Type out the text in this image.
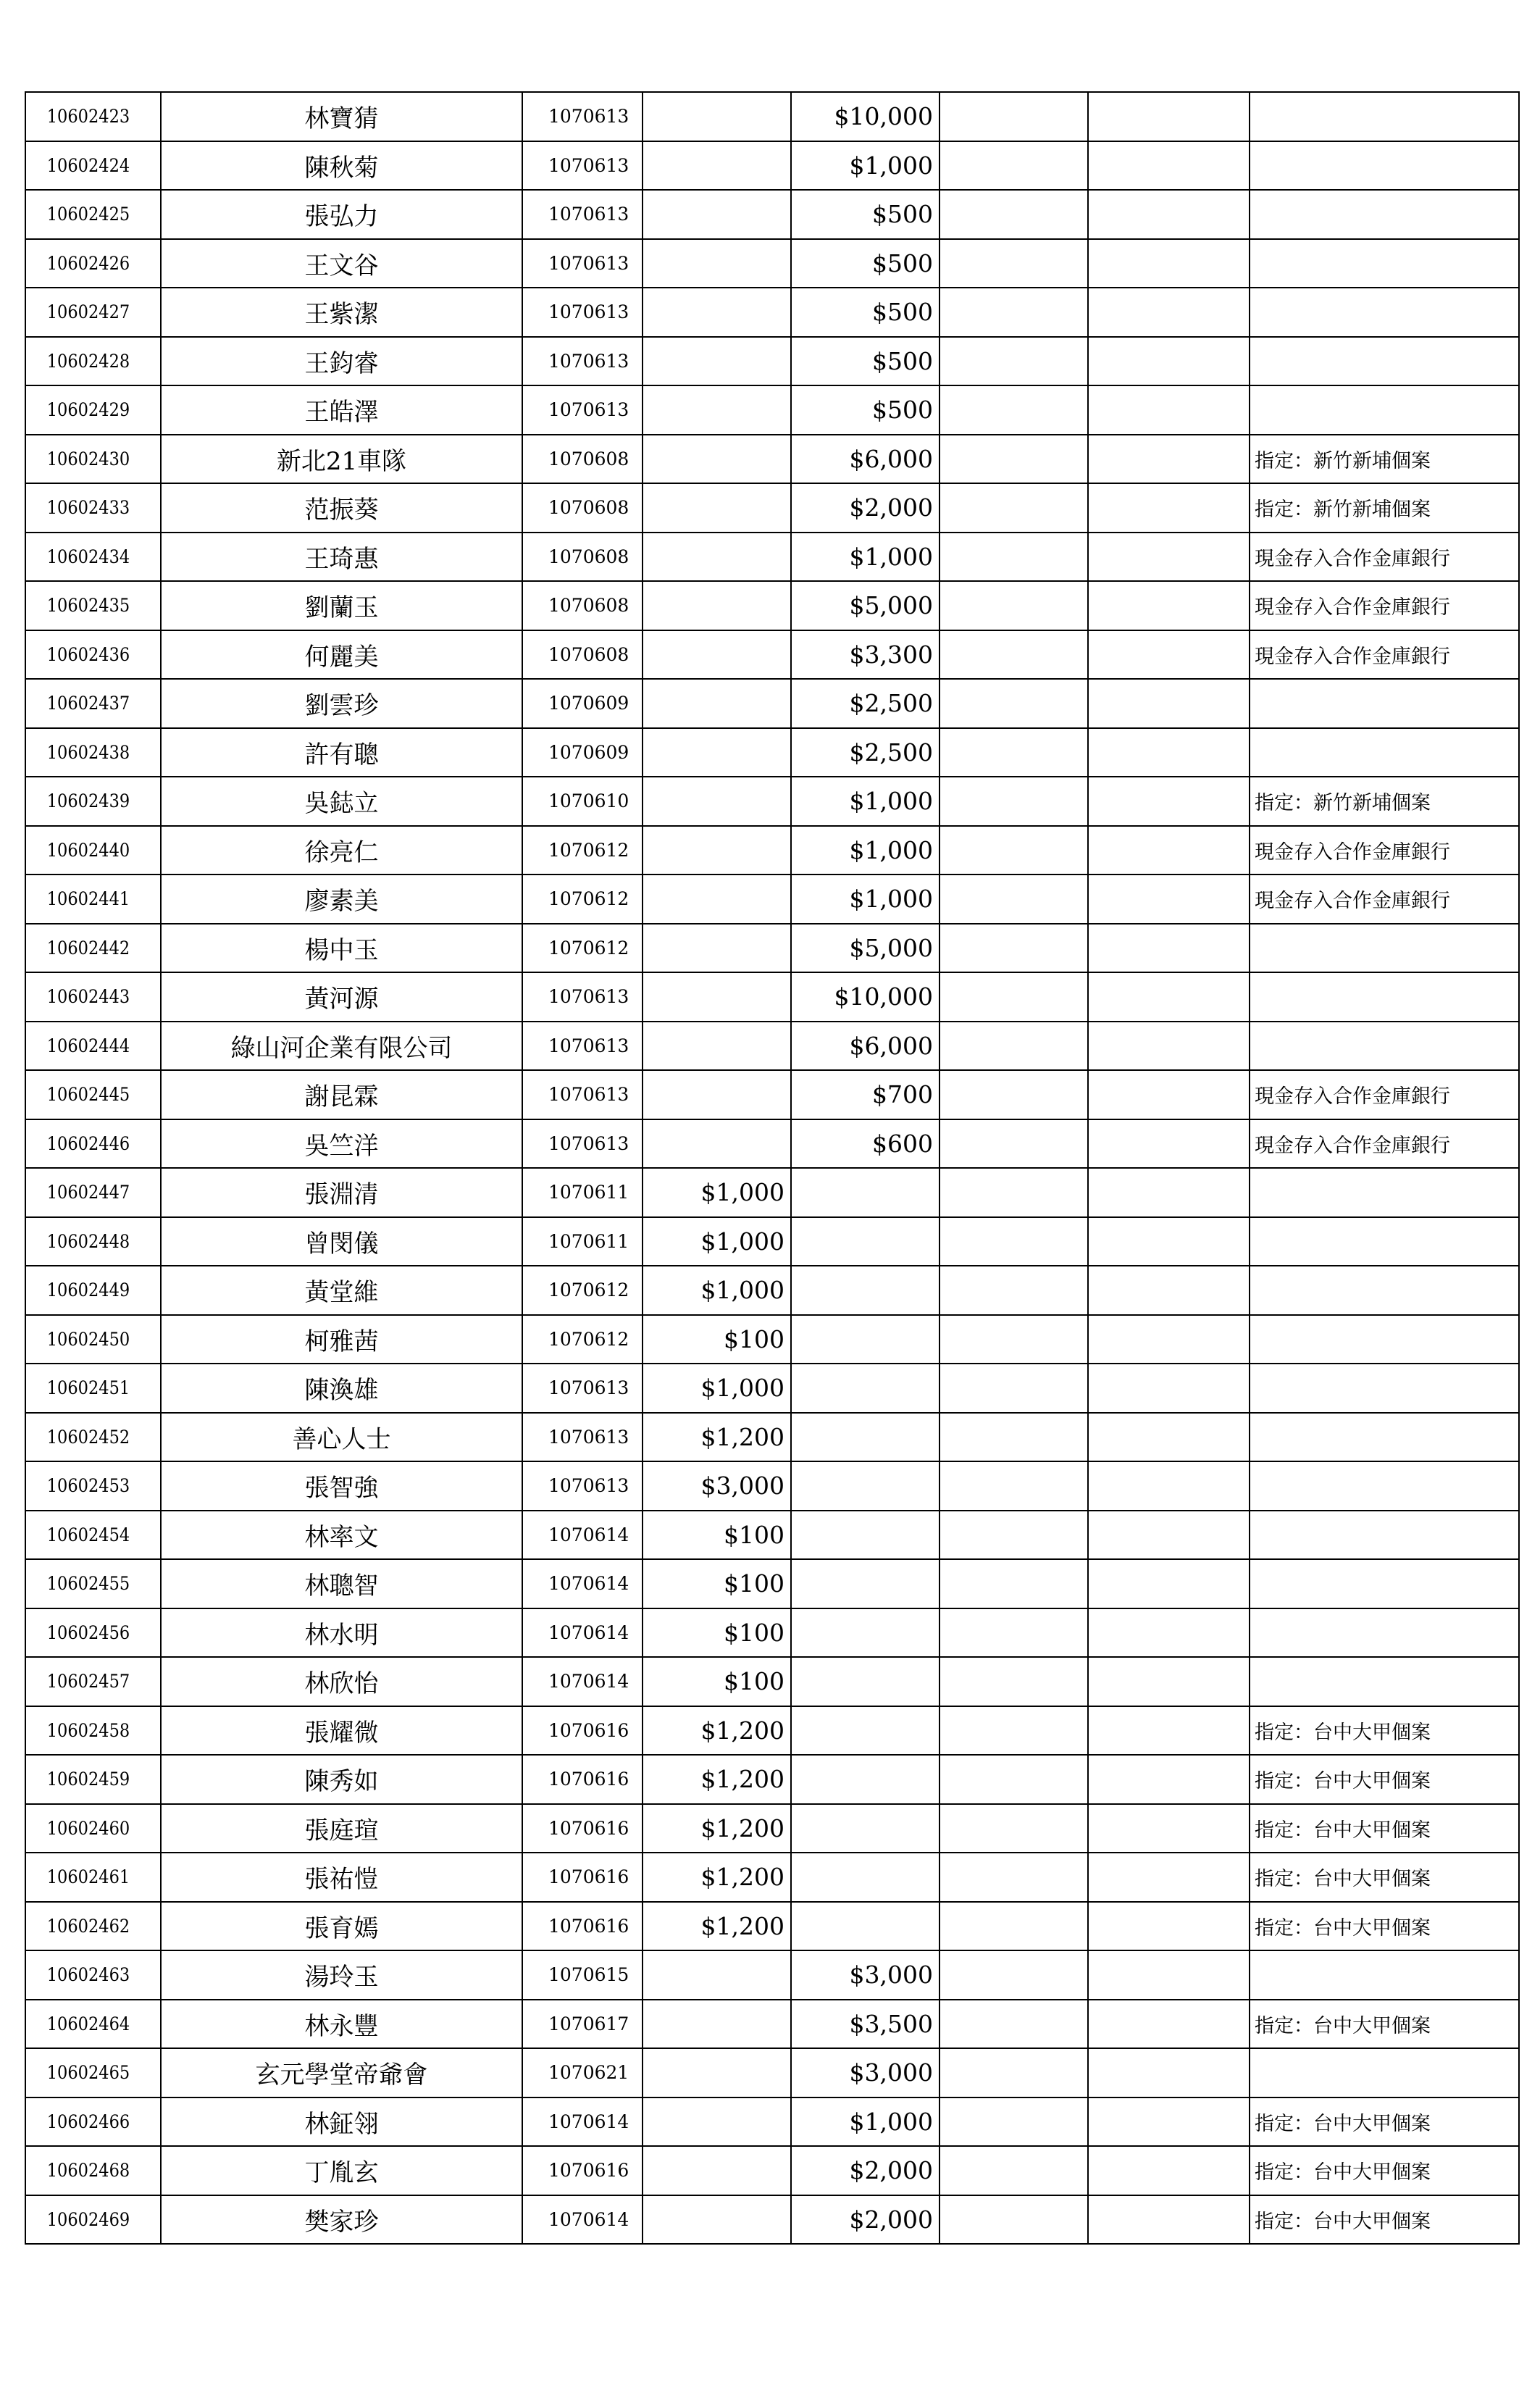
10602423	林寶猜	1070613		$10,000			
10602424	陳秋菊	1070613		$1,000			
10602425	張弘力	1070613		$500			
10602426	王文谷	1070613		$500			
10602427	王紫潔	1070613		$500			
10602428	王鈞睿	1070613		$500			
10602429	王皓澤	1070613		$500			
10602430	新北21車隊	1070608		$6,000			指定：新竹新埔個案
10602433	范振葵	1070608		$2,000			指定：新竹新埔個案
10602434	王琦惠	1070608		$1,000			現金存入合作金庫銀行
10602435	劉蘭玉	1070608		$5,000			現金存入合作金庫銀行
10602436	何麗美	1070608		$3,300			現金存入合作金庫銀行
10602437	劉雲珍	1070609		$2,500			
10602438	許有聰	1070609		$2,500			
10602439	吳鋕立	1070610		$1,000			指定：新竹新埔個案
10602440	徐亮仁	1070612		$1,000			現金存入合作金庫銀行
10602441	廖素美	1070612		$1,000			現金存入合作金庫銀行
10602442	楊中玉	1070612		$5,000			
10602443	黃河源	1070613		$10,000			
10602444	綠山河企業有限公司	1070613		$6,000			
10602445	謝昆霖	1070613		$700			現金存入合作金庫銀行
10602446	吳竺洋	1070613		$600			現金存入合作金庫銀行
10602447	張淵清	1070611	$1,000				
10602448	曾閔儀	1070611	$1,000				
10602449	黃堂維	1070612	$1,000				
10602450	柯雅茜	1070612	$100				
10602451	陳渙雄	1070613	$1,000				
10602452	善心人士	1070613	$1,200				
10602453	張智強	1070613	$3,000				
10602454	林率文	1070614	$100				
10602455	林聰智	1070614	$100				
10602456	林水明	1070614	$100				
10602457	林欣怡	1070614	$100				
10602458	張耀微	1070616	$1,200				指定：台中大甲個案
10602459	陳秀如	1070616	$1,200				指定：台中大甲個案
10602460	張庭瑄	1070616	$1,200				指定：台中大甲個案
10602461	張祐愷	1070616	$1,200				指定：台中大甲個案
10602462	張育嫣	1070616	$1,200				指定：台中大甲個案
10602463	湯玲玉	1070615		$3,000			
10602464	林永豐	1070617		$3,500			指定：台中大甲個案
10602465	玄元學堂帝爺會	1070621		$3,000			
10602466	林鉦翎	1070614		$1,000			指定：台中大甲個案
10602468	丁胤玄	1070616		$2,000			指定：台中大甲個案
10602469	樊家珍	1070614		$2,000			指定：台中大甲個案
